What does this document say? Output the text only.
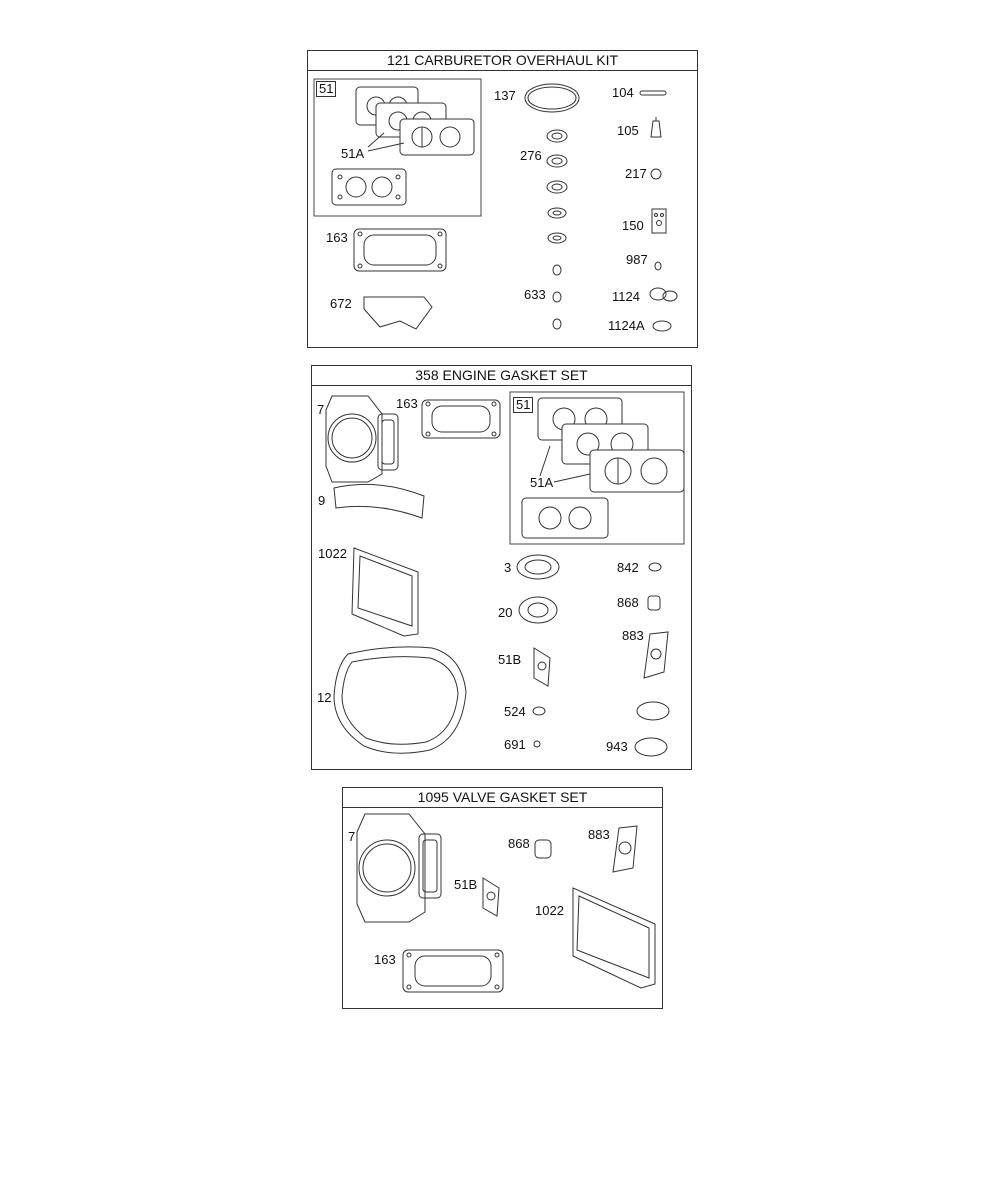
121 CARBURETOR OVERHAUL KIT
51
51A
163
672
137
276
633
104
105
217
150
987
1124
1124A
358 ENGINE GASKET SET
7	163	51
51A
9
1022
12
3
20
51B
524
691
842
868
883
943
1095 VALVE GASKET SET
7	868
883
51B
1022
163
